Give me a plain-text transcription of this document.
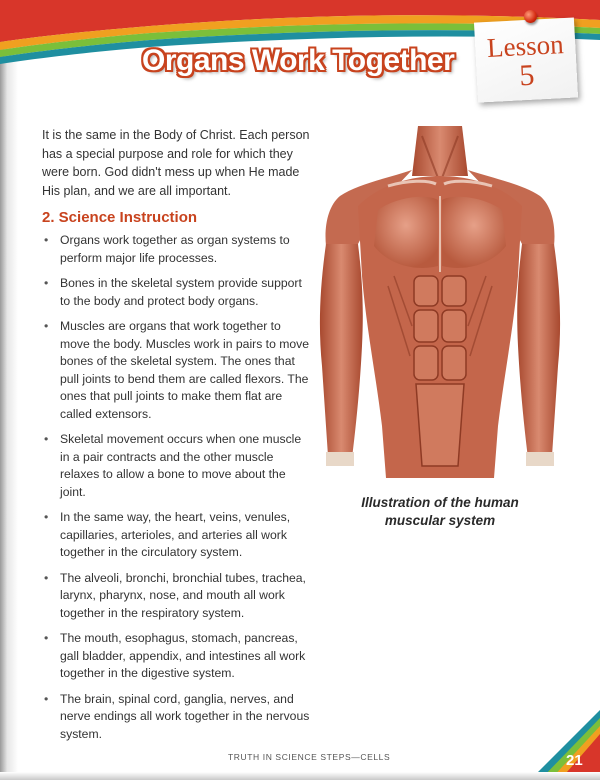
Organs Work Together	Lesson
5

It is the same in the Body of Christ. Each person has a special purpose and role for which they were born. God didn't mess up when He made His plan, and we are all important.

2. Science Instruction
• Organs work together as organ systems to perform major life processes.
• Bones in the skeletal system provide support to the body and protect body organs.
• Muscles are organs that work together to move the body. Muscles work in pairs to move bones of the skeletal system. The ones that pull joints to bend them are called flexors. The ones that pull joints to make them flat are called extensors.
• Skeletal movement occurs when one muscle in a pair contracts and the other muscle relaxes to allow a bone to move about the joint.
• In the same way, the heart, veins, venules, capillaries, arterioles, and arteries all work together in the circulatory system.
• The alveoli, bronchi, bronchial tubes, trachea, larynx, pharynx, nose, and mouth all work together in the respiratory system.
• The mouth, esophagus, stomach, pancreas, gall bladder, appendix, and intestines all work together in the digestive system.
• The brain, spinal cord, ganglia, nerves, and nerve endings all work together in the nervous system.

Illustration of the human muscular system

TRUTH IN SCIENCE STEPS—CELLS	21
